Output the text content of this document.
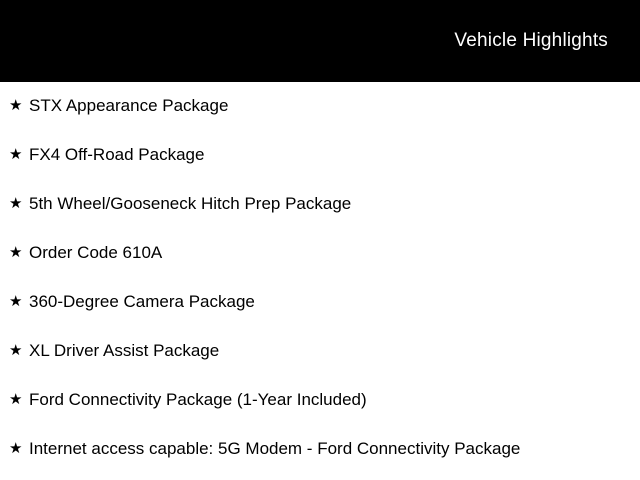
Vehicle Highlights
★ STX Appearance Package
★ FX4 Off-Road Package
★ 5th Wheel/Gooseneck Hitch Prep Package
★ Order Code 610A
★ 360-Degree Camera Package
★ XL Driver Assist Package
★ Ford Connectivity Package (1-Year Included)
★ Internet access capable: 5G Modem - Ford Connectivity Package
